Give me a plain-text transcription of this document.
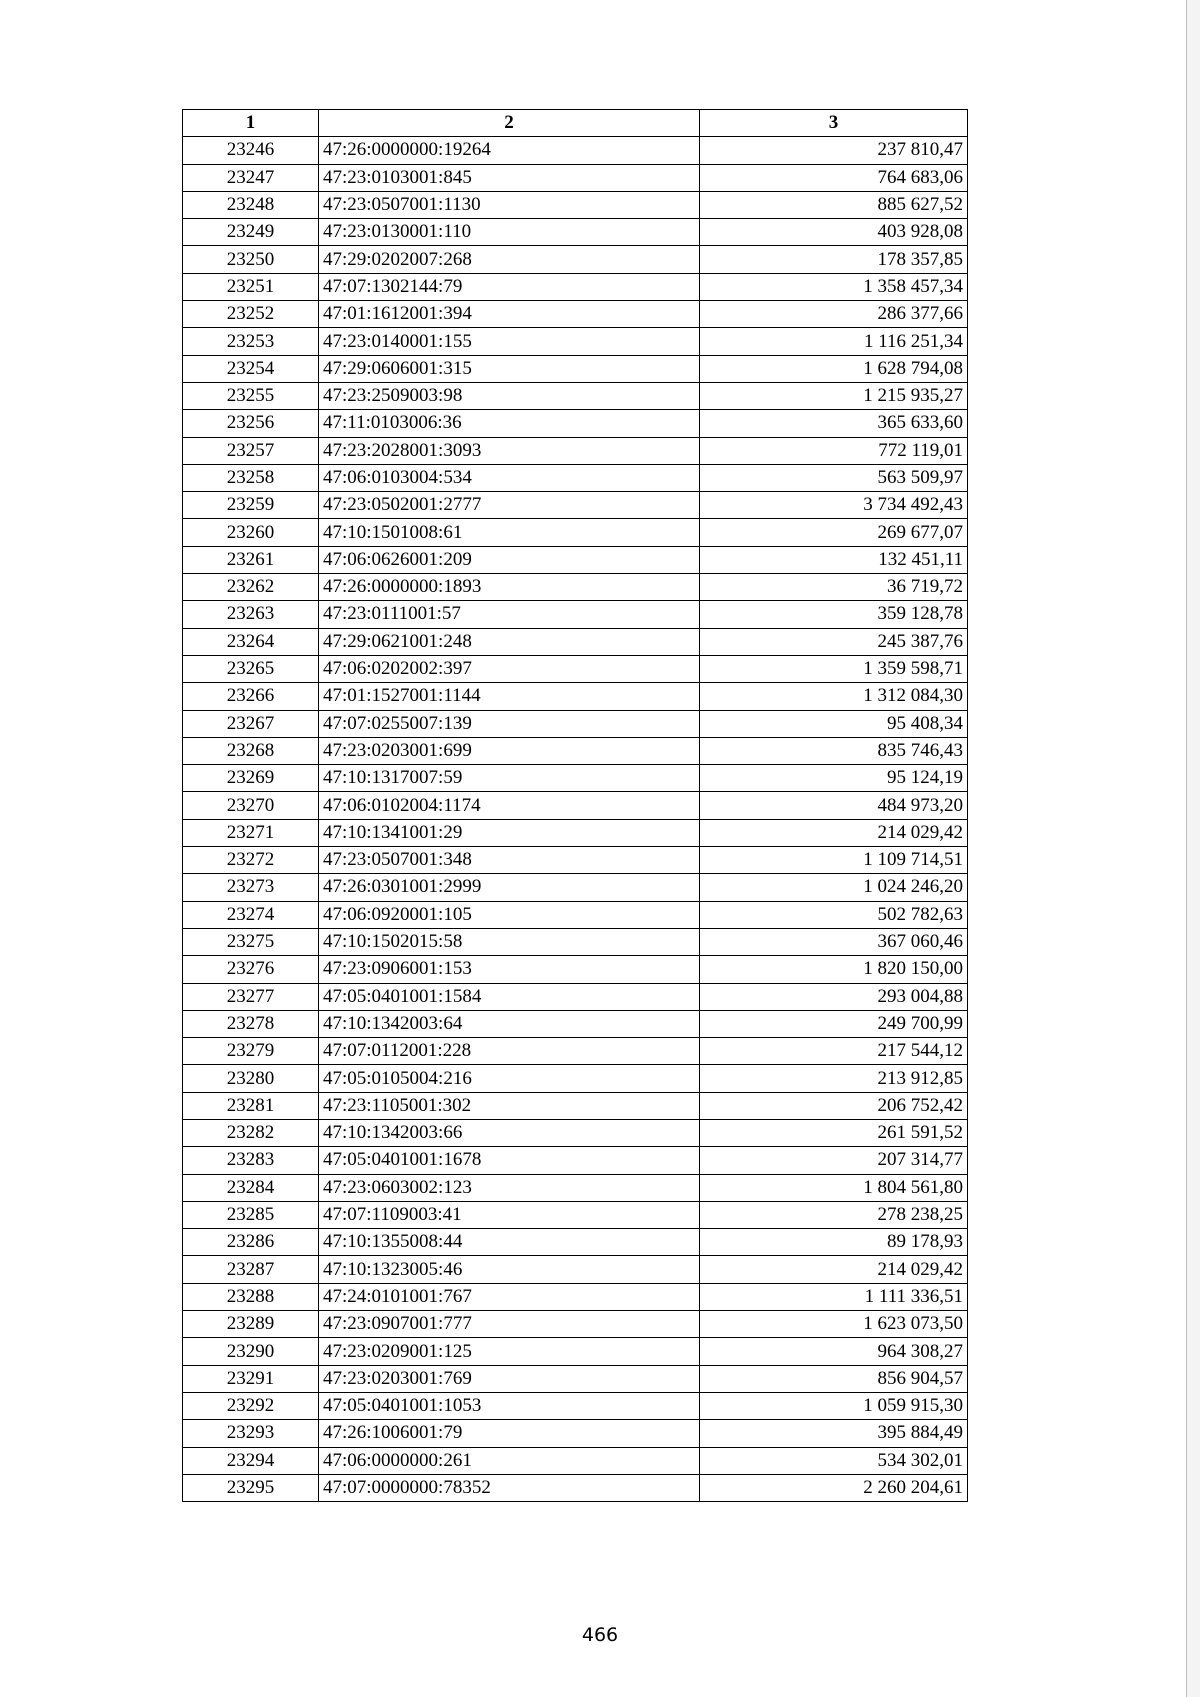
1	2	3
23246	47:26:0000000:19264	237 810,47
23247	47:23:0103001:845	764 683,06
23248	47:23:0507001:1130	885 627,52
23249	47:23:0130001:110	403 928,08
23250	47:29:0202007:268	178 357,85
23251	47:07:1302144:79	1 358 457,34
23252	47:01:1612001:394	286 377,66
23253	47:23:0140001:155	1 116 251,34
23254	47:29:0606001:315	1 628 794,08
23255	47:23:2509003:98	1 215 935,27
23256	47:11:0103006:36	365 633,60
23257	47:23:2028001:3093	772 119,01
23258	47:06:0103004:534	563 509,97
23259	47:23:0502001:2777	3 734 492,43
23260	47:10:1501008:61	269 677,07
23261	47:06:0626001:209	132 451,11
23262	47:26:0000000:1893	36 719,72
23263	47:23:0111001:57	359 128,78
23264	47:29:0621001:248	245 387,76
23265	47:06:0202002:397	1 359 598,71
23266	47:01:1527001:1144	1 312 084,30
23267	47:07:0255007:139	95 408,34
23268	47:23:0203001:699	835 746,43
23269	47:10:1317007:59	95 124,19
23270	47:06:0102004:1174	484 973,20
23271	47:10:1341001:29	214 029,42
23272	47:23:0507001:348	1 109 714,51
23273	47:26:0301001:2999	1 024 246,20
23274	47:06:0920001:105	502 782,63
23275	47:10:1502015:58	367 060,46
23276	47:23:0906001:153	1 820 150,00
23277	47:05:0401001:1584	293 004,88
23278	47:10:1342003:64	249 700,99
23279	47:07:0112001:228	217 544,12
23280	47:05:0105004:216	213 912,85
23281	47:23:1105001:302	206 752,42
23282	47:10:1342003:66	261 591,52
23283	47:05:0401001:1678	207 314,77
23284	47:23:0603002:123	1 804 561,80
23285	47:07:1109003:41	278 238,25
23286	47:10:1355008:44	89 178,93
23287	47:10:1323005:46	214 029,42
23288	47:24:0101001:767	1 111 336,51
23289	47:23:0907001:777	1 623 073,50
23290	47:23:0209001:125	964 308,27
23291	47:23:0203001:769	856 904,57
23292	47:05:0401001:1053	1 059 915,30
23293	47:26:1006001:79	395 884,49
23294	47:06:0000000:261	534 302,01
23295	47:07:0000000:78352	2 260 204,61
466
